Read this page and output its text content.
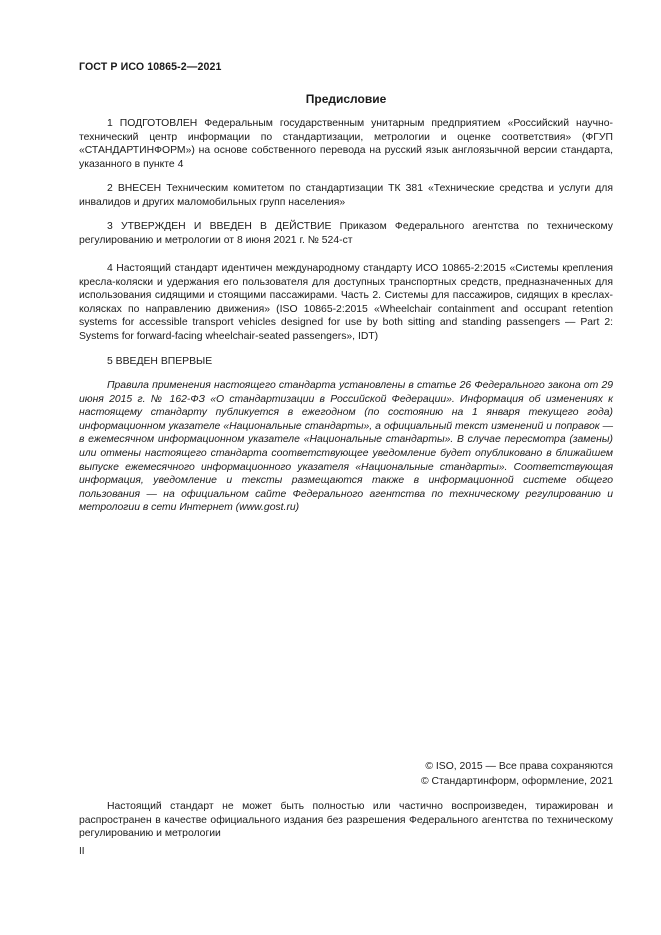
ГОСТ Р ИСО 10865-2—2021
Предисловие

1 ПОДГОТОВЛЕН Федеральным государственным унитарным предприятием «Российский научно-технический центр информации по стандартизации, метрологии и оценке соответствия» (ФГУП «СТАНДАРТИНФОРМ») на основе собственного перевода на русский язык англоязычной версии стандарта, указанного в пункте 4

2 ВНЕСЕН Техническим комитетом по стандартизации ТК 381 «Технические средства и услуги для инвалидов и других маломобильных групп населения»

3 УТВЕРЖДЕН И ВВЕДЕН В ДЕЙСТВИЕ Приказом Федерального агентства по техническому регулированию и метрологии от 8 июня 2021 г. № 524-ст

4 Настоящий стандарт идентичен международному стандарту ИСО 10865-2:2015 «Системы крепления кресла-коляски и удержания его пользователя для доступных транспортных средств, предназначенных для использования сидящими и стоящими пассажирами. Часть 2. Системы для пассажиров, сидящих в креслах-колясках по направлению движения» (ISO 10865-2:2015 «Wheelchair containment and occupant retention systems for accessible transport vehicles designed for use by both sitting and standing passengers — Part 2: Systems for forward-facing wheelchair-seated passengers», IDT)

5 ВВЕДЕН ВПЕРВЫЕ

Правила применения настоящего стандарта установлены в статье 26 Федерального закона от 29 июня 2015 г. № 162-ФЗ «О стандартизации в Российской Федерации». Информация об изменениях к настоящему стандарту публикуется в ежегодном (по состоянию на 1 января текущего года) информационном указателе «Национальные стандарты», а официальный текст изменений и поправок — в ежемесячном информационном указателе «Национальные стандарты». В случае пересмотра (замены) или отмены настоящего стандарта соответствующее уведомление будет опубликовано в ближайшем выпуске ежемесячного информационного указателя «Национальные стандарты». Соответствующая информация, уведомление и тексты размещаются также в информационной системе общего пользования — на официальном сайте Федерального агентства по техническому регулированию и метрологии в сети Интернет (www.gost.ru)

© ISO, 2015 — Все права сохраняются
© Стандартинформ, оформление, 2021

Настоящий стандарт не может быть полностью или частично воспроизведен, тиражирован и распространен в качестве официального издания без разрешения Федерального агентства по техническому регулированию и метрологии

II
